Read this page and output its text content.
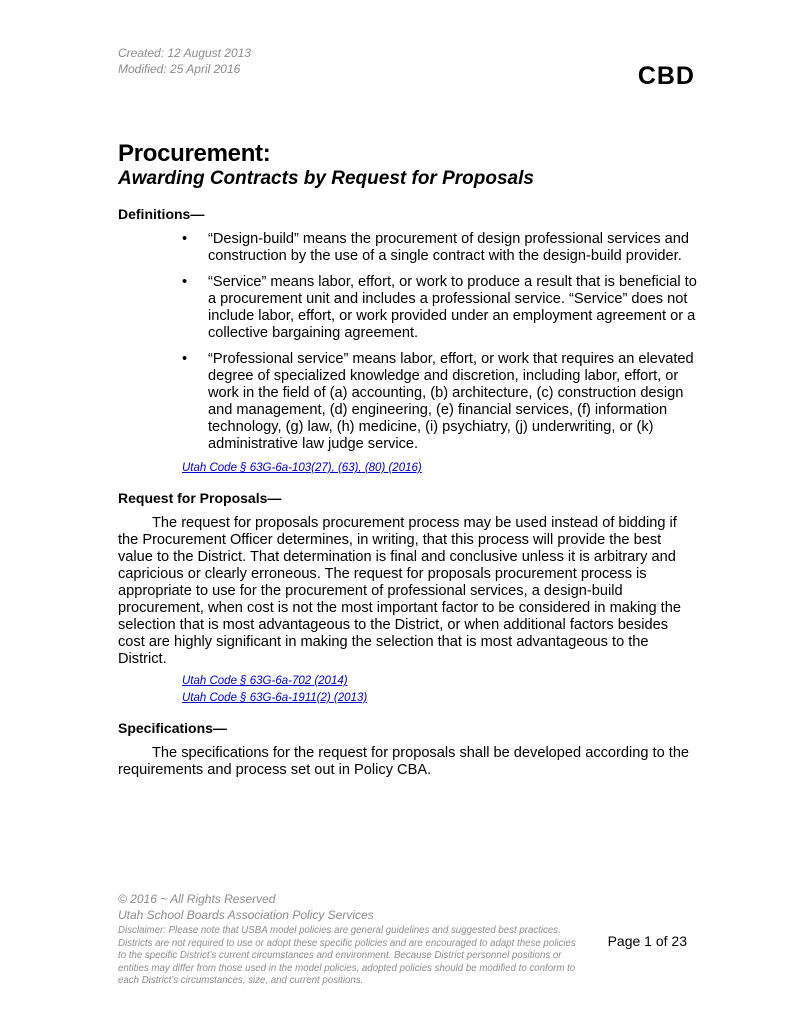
Created: 12 August 2013
Modified: 25 April 2016	CBD
Procurement:
Awarding Contracts by Request for Proposals
Definitions—
• “Design-build” means the procurement of design professional services and construction by the use of a single contract with the design-build provider.
• “Service” means labor, effort, or work to produce a result that is beneficial to a procurement unit and includes a professional service. “Service” does not include labor, effort, or work provided under an employment agreement or a collective bargaining agreement.
• “Professional service” means labor, effort, or work that requires an elevated degree of specialized knowledge and discretion, including labor, effort, or work in the field of (a) accounting, (b) architecture, (c) construction design and management, (d) engineering, (e) financial services, (f) information technology, (g) law, (h) medicine, (i) psychiatry, (j) underwriting, or (k) administrative law judge service.
Utah Code § 63G-6a-103(27), (63), (80) (2016)
Request for Proposals—

The request for proposals procurement process may be used instead of bidding if the Procurement Officer determines, in writing, that this process will provide the best value to the District. That determination is final and conclusive unless it is arbitrary and capricious or clearly erroneous. The request for proposals procurement process is appropriate to use for the procurement of professional services, a design-build procurement, when cost is not the most important factor to be considered in making the selection that is most advantageous to the District, or when additional factors besides cost are highly significant in making the selection that is most advantageous to the District.

Utah Code § 63G-6a-702 (2014)
Utah Code § 63G-6a-1911(2) (2013)
Specifications—

The specifications for the request for proposals shall be developed according to the requirements and process set out in Policy CBA.

© 2016 ~ All Rights Reserved
Utah School Boards Association Policy Services
Disclaimer: Please note that USBA model policies are general guidelines and suggested best practices. Districts are not required to use or adopt these specific policies and are encouraged to adapt these policies to the specific District’s current circumstances and environment. Because District personnel positions or entities may differ from those used in the model policies, adopted policies should be modified to conform to each District’s circumstances, size, and current positions.
Page 1 of 23
